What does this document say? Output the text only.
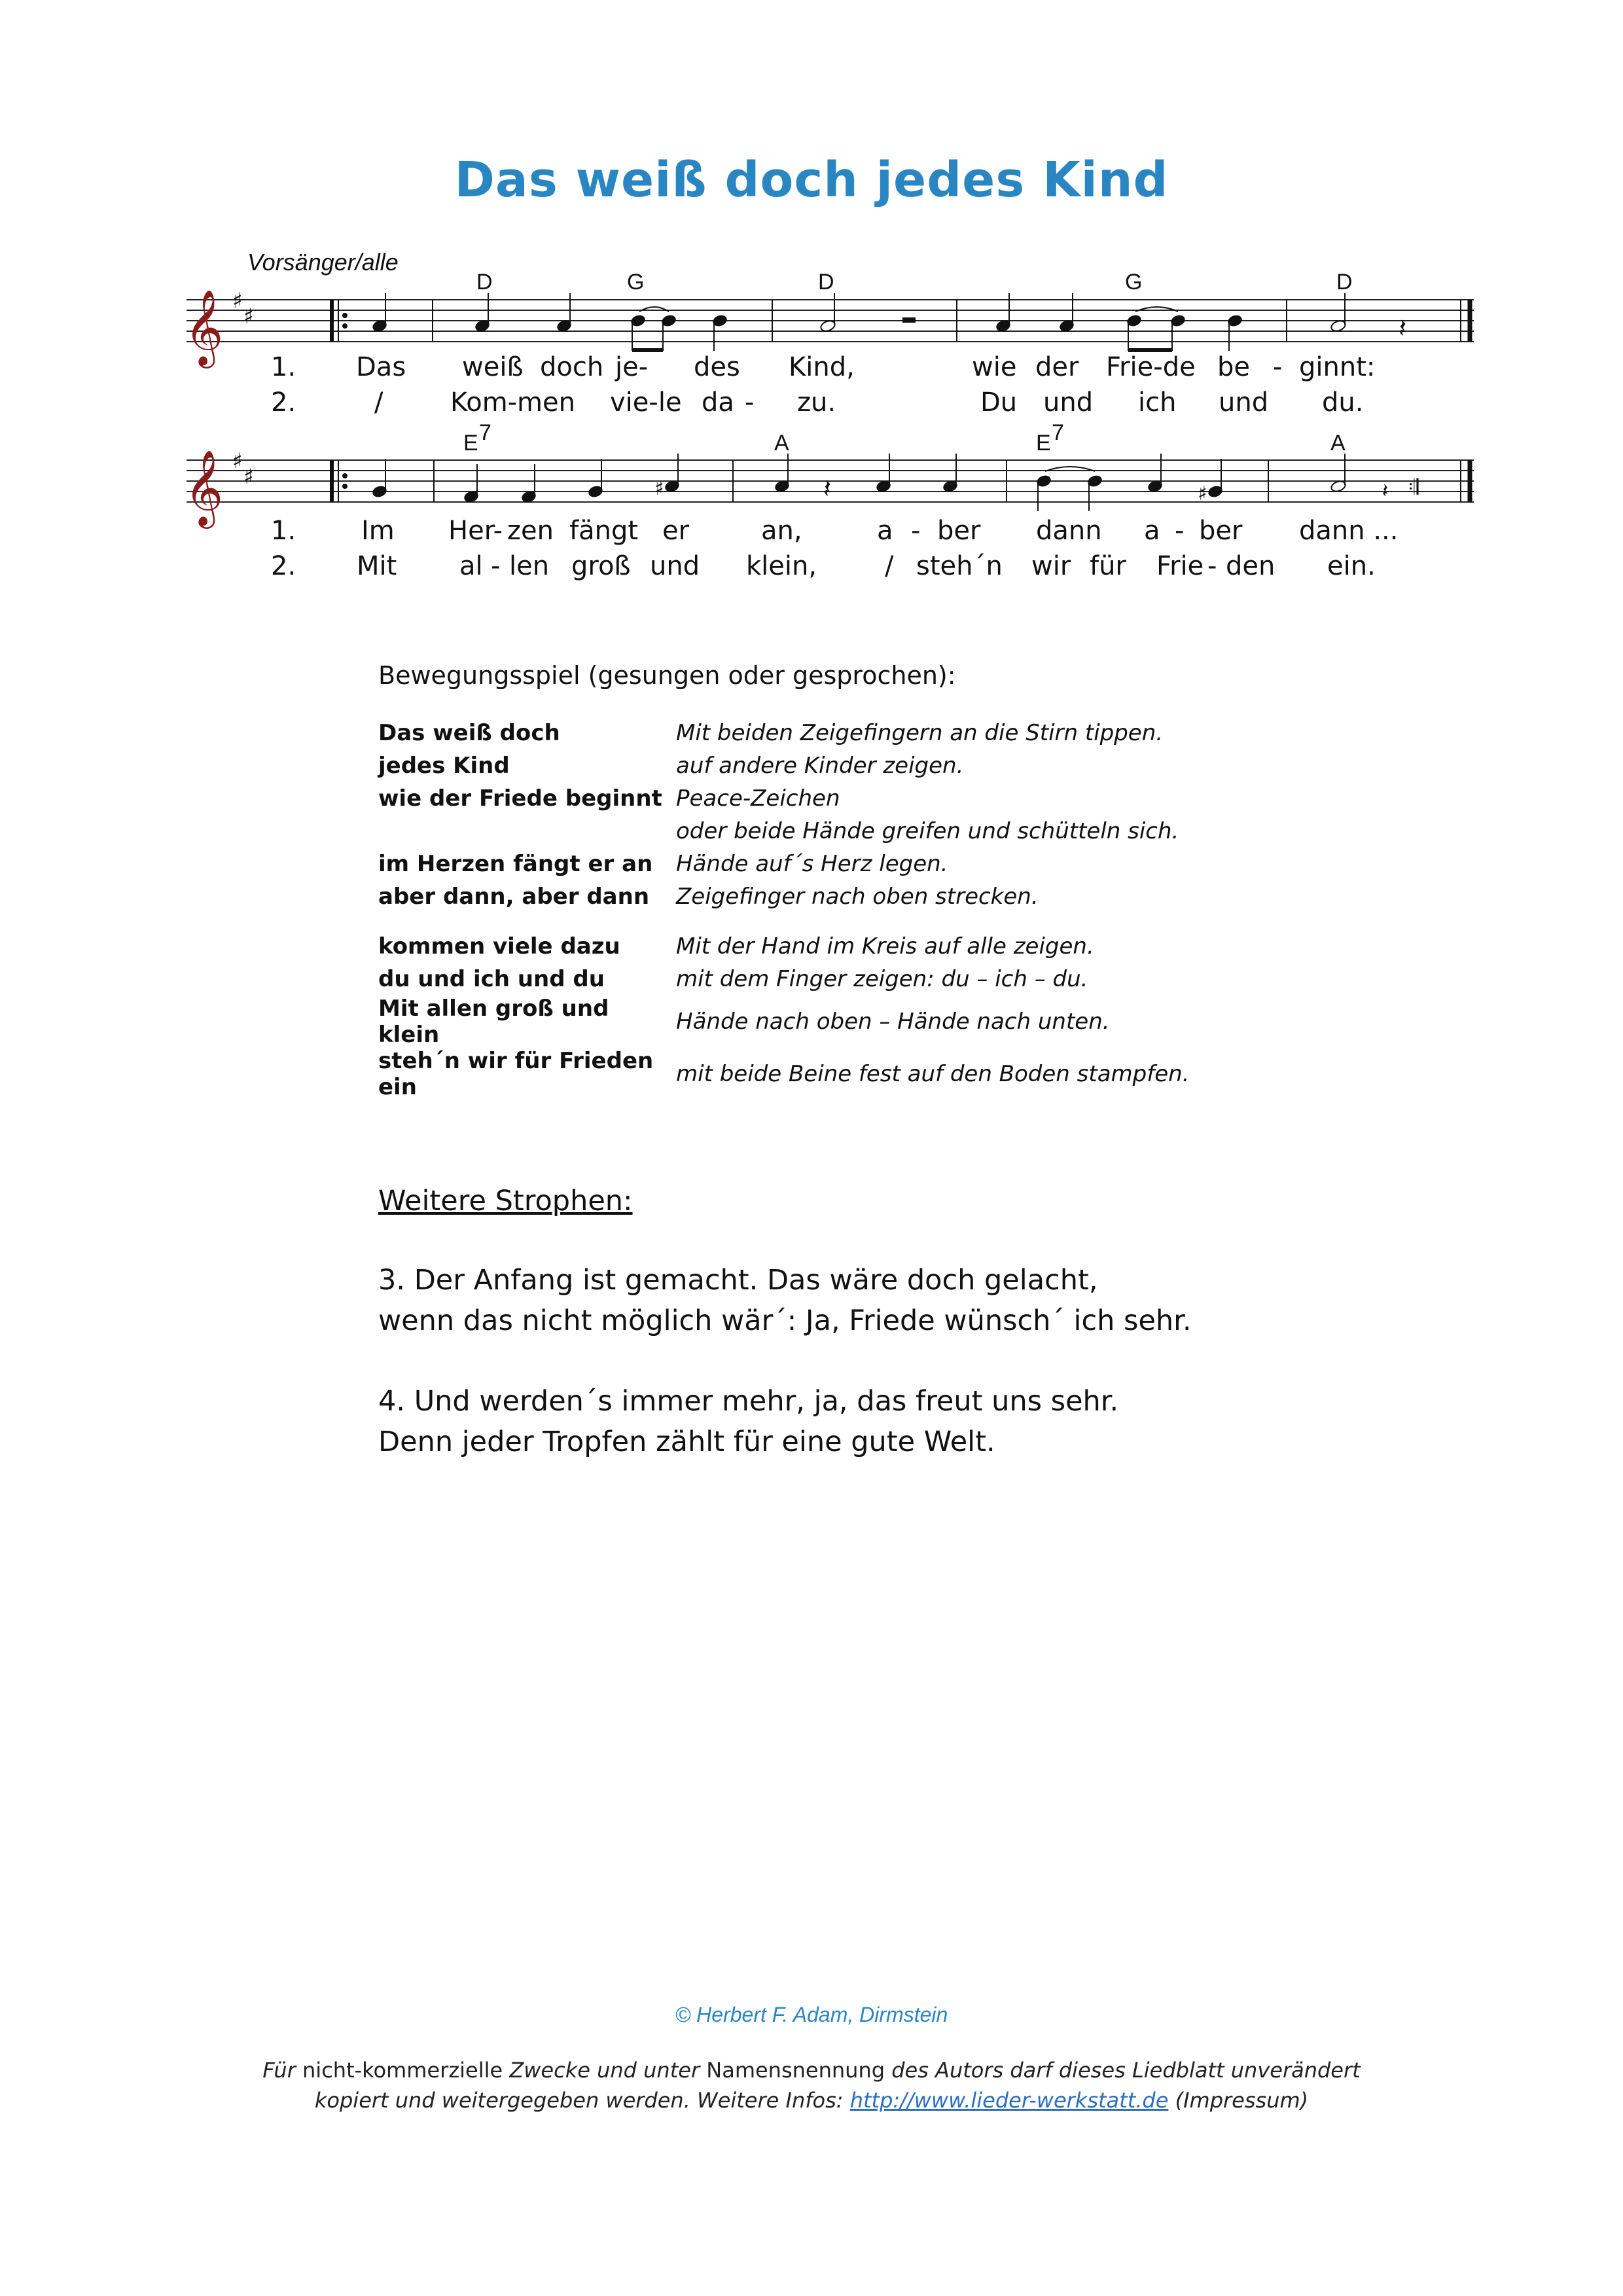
Das weiß doch jedes Kind
Vorsänger/alle
𝄞 ♯
♯	𝄽
D	G	D	G	D
1. Das weiß doch je- des Kind,	wie der Frie-de be - ginnt:
2.	/	Kom- men vie-le da - zu.	Du und ich und du.
𝄞 ♯
♯	♯	♯
𝄽	𝄽 𝄇
E 7	A	E 7	A
1. Im Her- zen fängt er	an,	a - ber dann a - ber dann ...
2. Mit al - len groß und klein,	/ steh´n wir für Frie - den ein.
Bewegungsspiel (gesungen oder gesprochen):
Das weiß doch	Mit beiden Zeigefingern an die Stirn tippen.
jedes Kind	auf andere Kinder zeigen.
wie der Friede beginnt	Peace-Zeichen
	oder beide Hände greifen und schütteln sich.
im Herzen fängt er an	Hände auf´s Herz legen.
aber dann, aber dann	Zeigefinger nach oben strecken.

kommen viele dazu	Mit der Hand im Kreis auf alle zeigen.
du und ich und du	mit dem Finger zeigen: du – ich – du.
Mit allen groß und klein	Hände nach oben – Hände nach unten.
steh´n wir für Frieden ein	mit beide Beine fest auf den Boden stampfen.
Weitere Strophen:
3. Der Anfang ist gemacht. Das wäre doch gelacht,
wenn das nicht möglich wär´: Ja, Friede wünsch´ ich sehr.
4. Und werden´s immer mehr, ja, das freut uns sehr.
Denn jeder Tropfen zählt für eine gute Welt.
© Herbert F. Adam, Dirmstein
Für nicht-kommerzielle Zwecke und unter Namensnennung des Autors darf dieses Liedblatt unverändert
kopiert und weitergegeben werden. Weitere Infos: http://www.lieder-werkstatt.de (Impressum)
